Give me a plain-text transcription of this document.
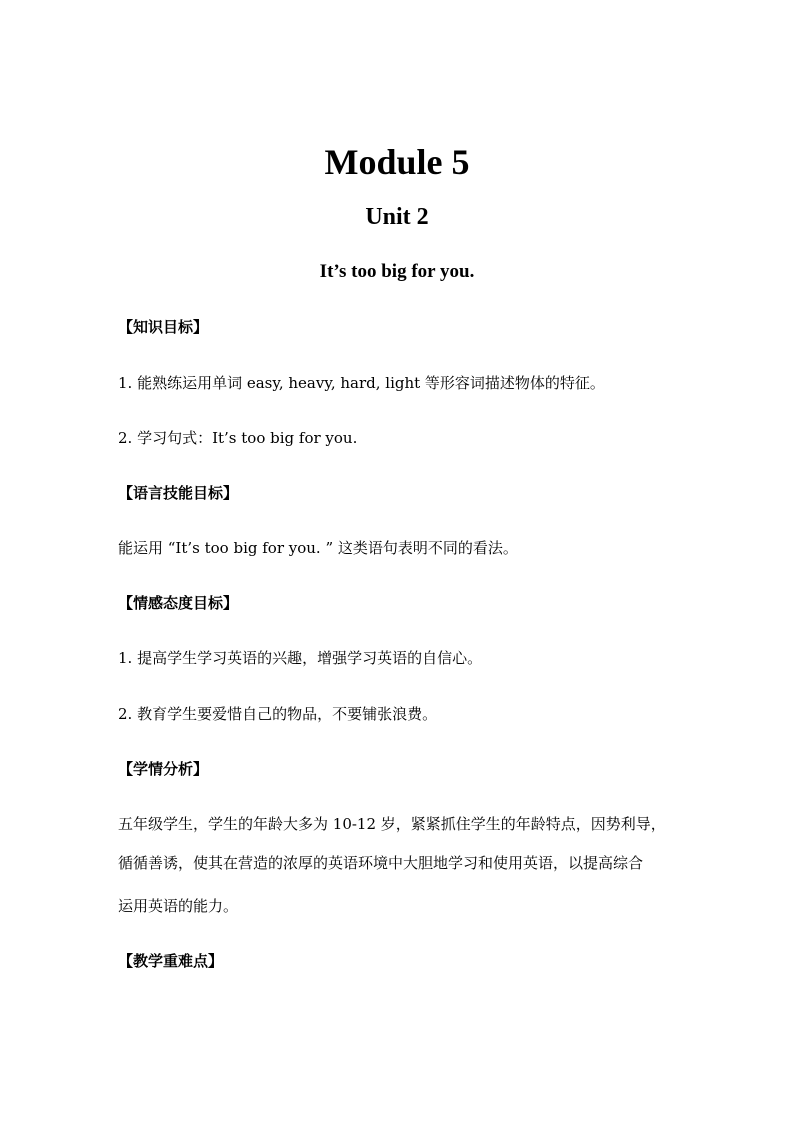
Module 5
Unit 2
It’s too big for you.
【知识目标】
1. 能熟练运用单词 easy, heavy, hard, light 等形容词描述物体的特征。
2. 学习句式：It’s too big for you.
【语言技能目标】
能运用 “It’s too big for you. ” 这类语句表明不同的看法。
【情感态度目标】
1. 提高学生学习英语的兴趣，增强学习英语的自信心。
2. 教育学生要爱惜自己的物品，不要铺张浪费。
【学情分析】
五年级学生，学生的年龄大多为 10-12 岁，紧紧抓住学生的年龄特点，因势利导，
循循善诱，使其在营造的浓厚的英语环境中大胆地学习和使用英语，以提高综合
运用英语的能力。
【教学重难点】
